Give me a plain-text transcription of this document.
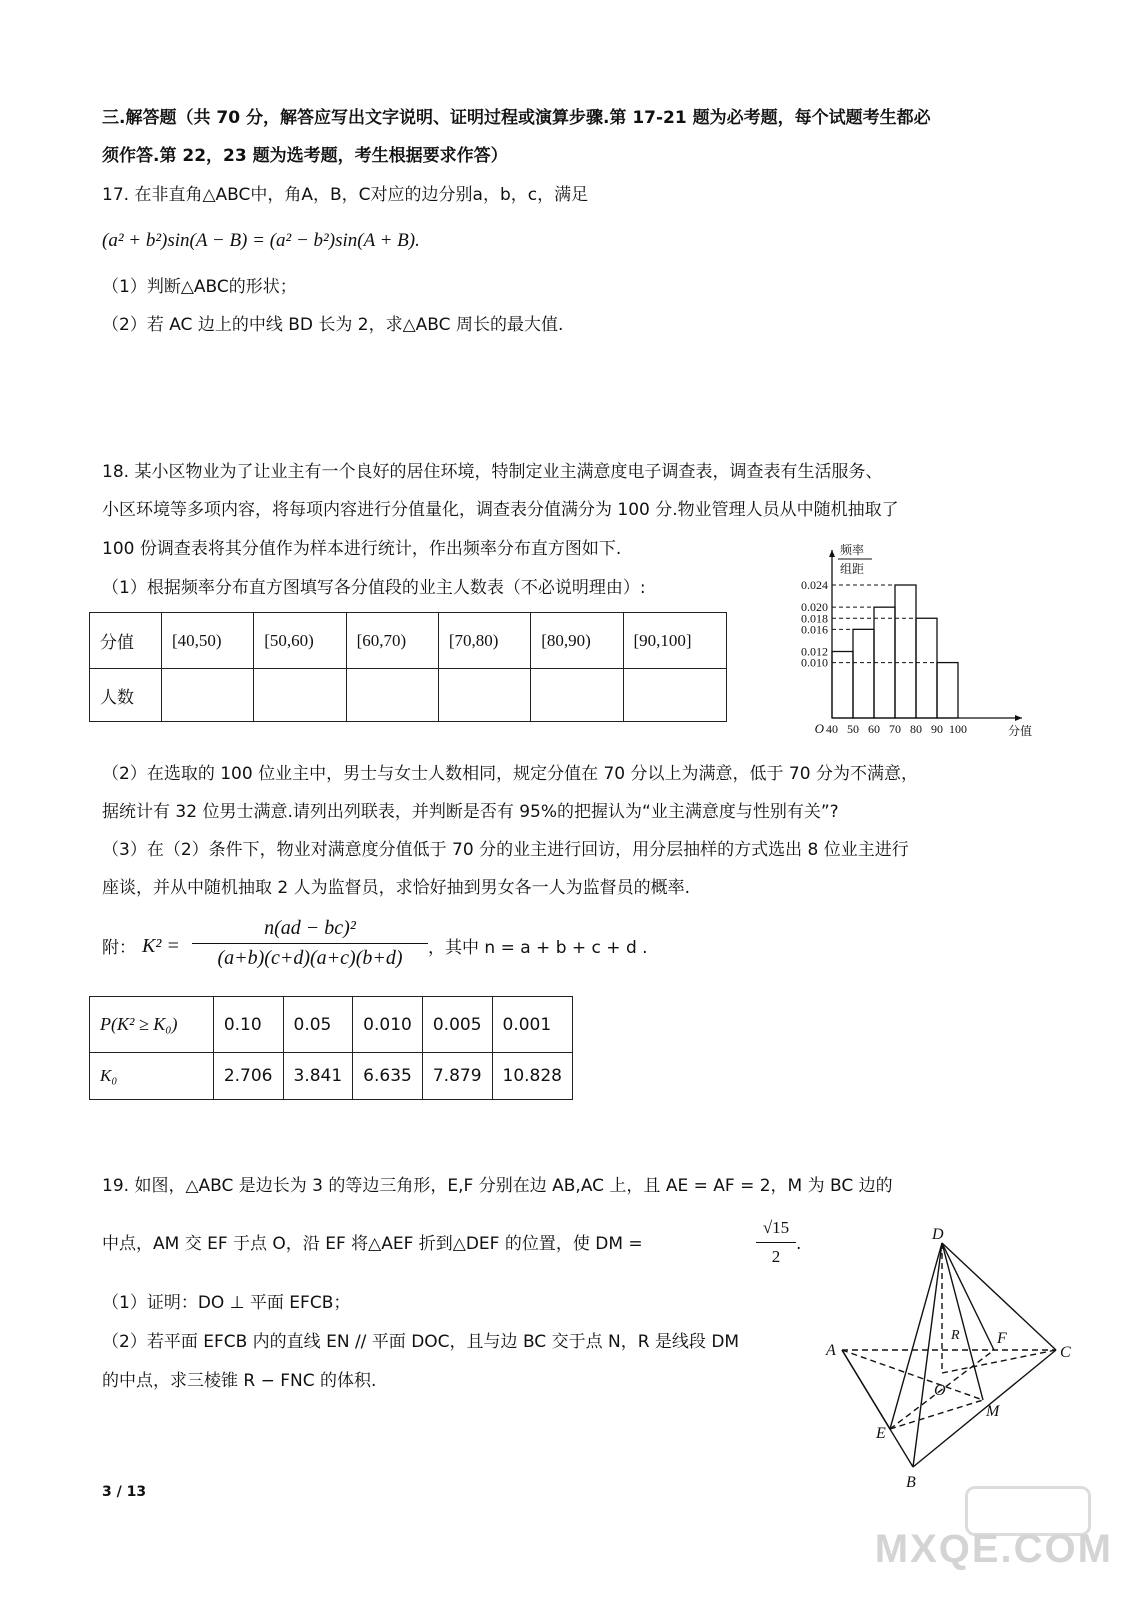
三.解答题（共 70 分，解答应写出文字说明、证明过程或演算步骤.第 17-21 题为必考题，每个试题考生都必
须作答.第 22，23 题为选考题，考生根据要求作答）
17. 在非直角△ABC中，角A，B，C对应的边分别a，b，c，满足
(a² + b²)sin(A − B) = (a² − b²)sin(A + B).
（1）判断△ABC的形状；
（2）若 AC 边上的中线 BD 长为 2，求△ABC 周长的最大值.
18. 某小区物业为了让业主有一个良好的居住环境，特制定业主满意度电子调查表，调查表有生活服务、
小区环境等多项内容，将每项内容进行分值量化，调查表分值满分为 100 分.物业管理人员从中随机抽取了
100 份调查表将其分值作为样本进行统计，作出频率分布直方图如下.
（1）根据频率分布直方图填写各分值段的业主人数表（不必说明理由）:
分值	[40,50)	[50,60)	[60,70)	[70,80)	[80,90)	[90,100]
人数						
频率
组距
0.024
0.020
0.018
0.016
0.012
0.010
40 50 60 70 80 90 100
O	分值
（2）在选取的 100 位业主中，男士与女士人数相同，规定分值在 70 分以上为满意，低于 70 分为不满意，
据统计有 32 位男士满意.请列出列联表，并判断是否有 95%的把握认为“业主满意度与性别有关”?
（3）在（2）条件下，物业对满意度分值低于 70 分的业主进行回访，用分层抽样的方式选出 8 位业主进行
座谈，并从中随机抽取 2 人为监督员，求恰好抽到男女各一人为监督员的概率.
附： K² =
n(ad − bc)²
(a+b)(c+d)(a+c)(b+d)	，其中 n = a + b + c + d .
P(K² ≥ K₀)	0.10	0.05	0.010	0.005	0.001
K₀	2.706	3.841	6.635	7.879	10.828
19. 如图，△ABC 是边长为 3 的等边三角形，E,F 分别在边 AB,AC 上，且 AE = AF = 2，M 为 BC 边的
中点，AM 交 EF 于点 O，沿 EF 将△AEF 折到△DEF 的位置，使 DM =
√15
2
.
（1）证明：DO ⊥ 平面 EFCB；
（2）若平面 EFCB 内的直线 EN // 平面 DOC，且与边 BC 交于点 N，R 是线段 DM
的中点，求三棱锥 R − FNC 的体积.
D
A	C
R F
O
M
E
B
3 / 13
MXQE.COM
